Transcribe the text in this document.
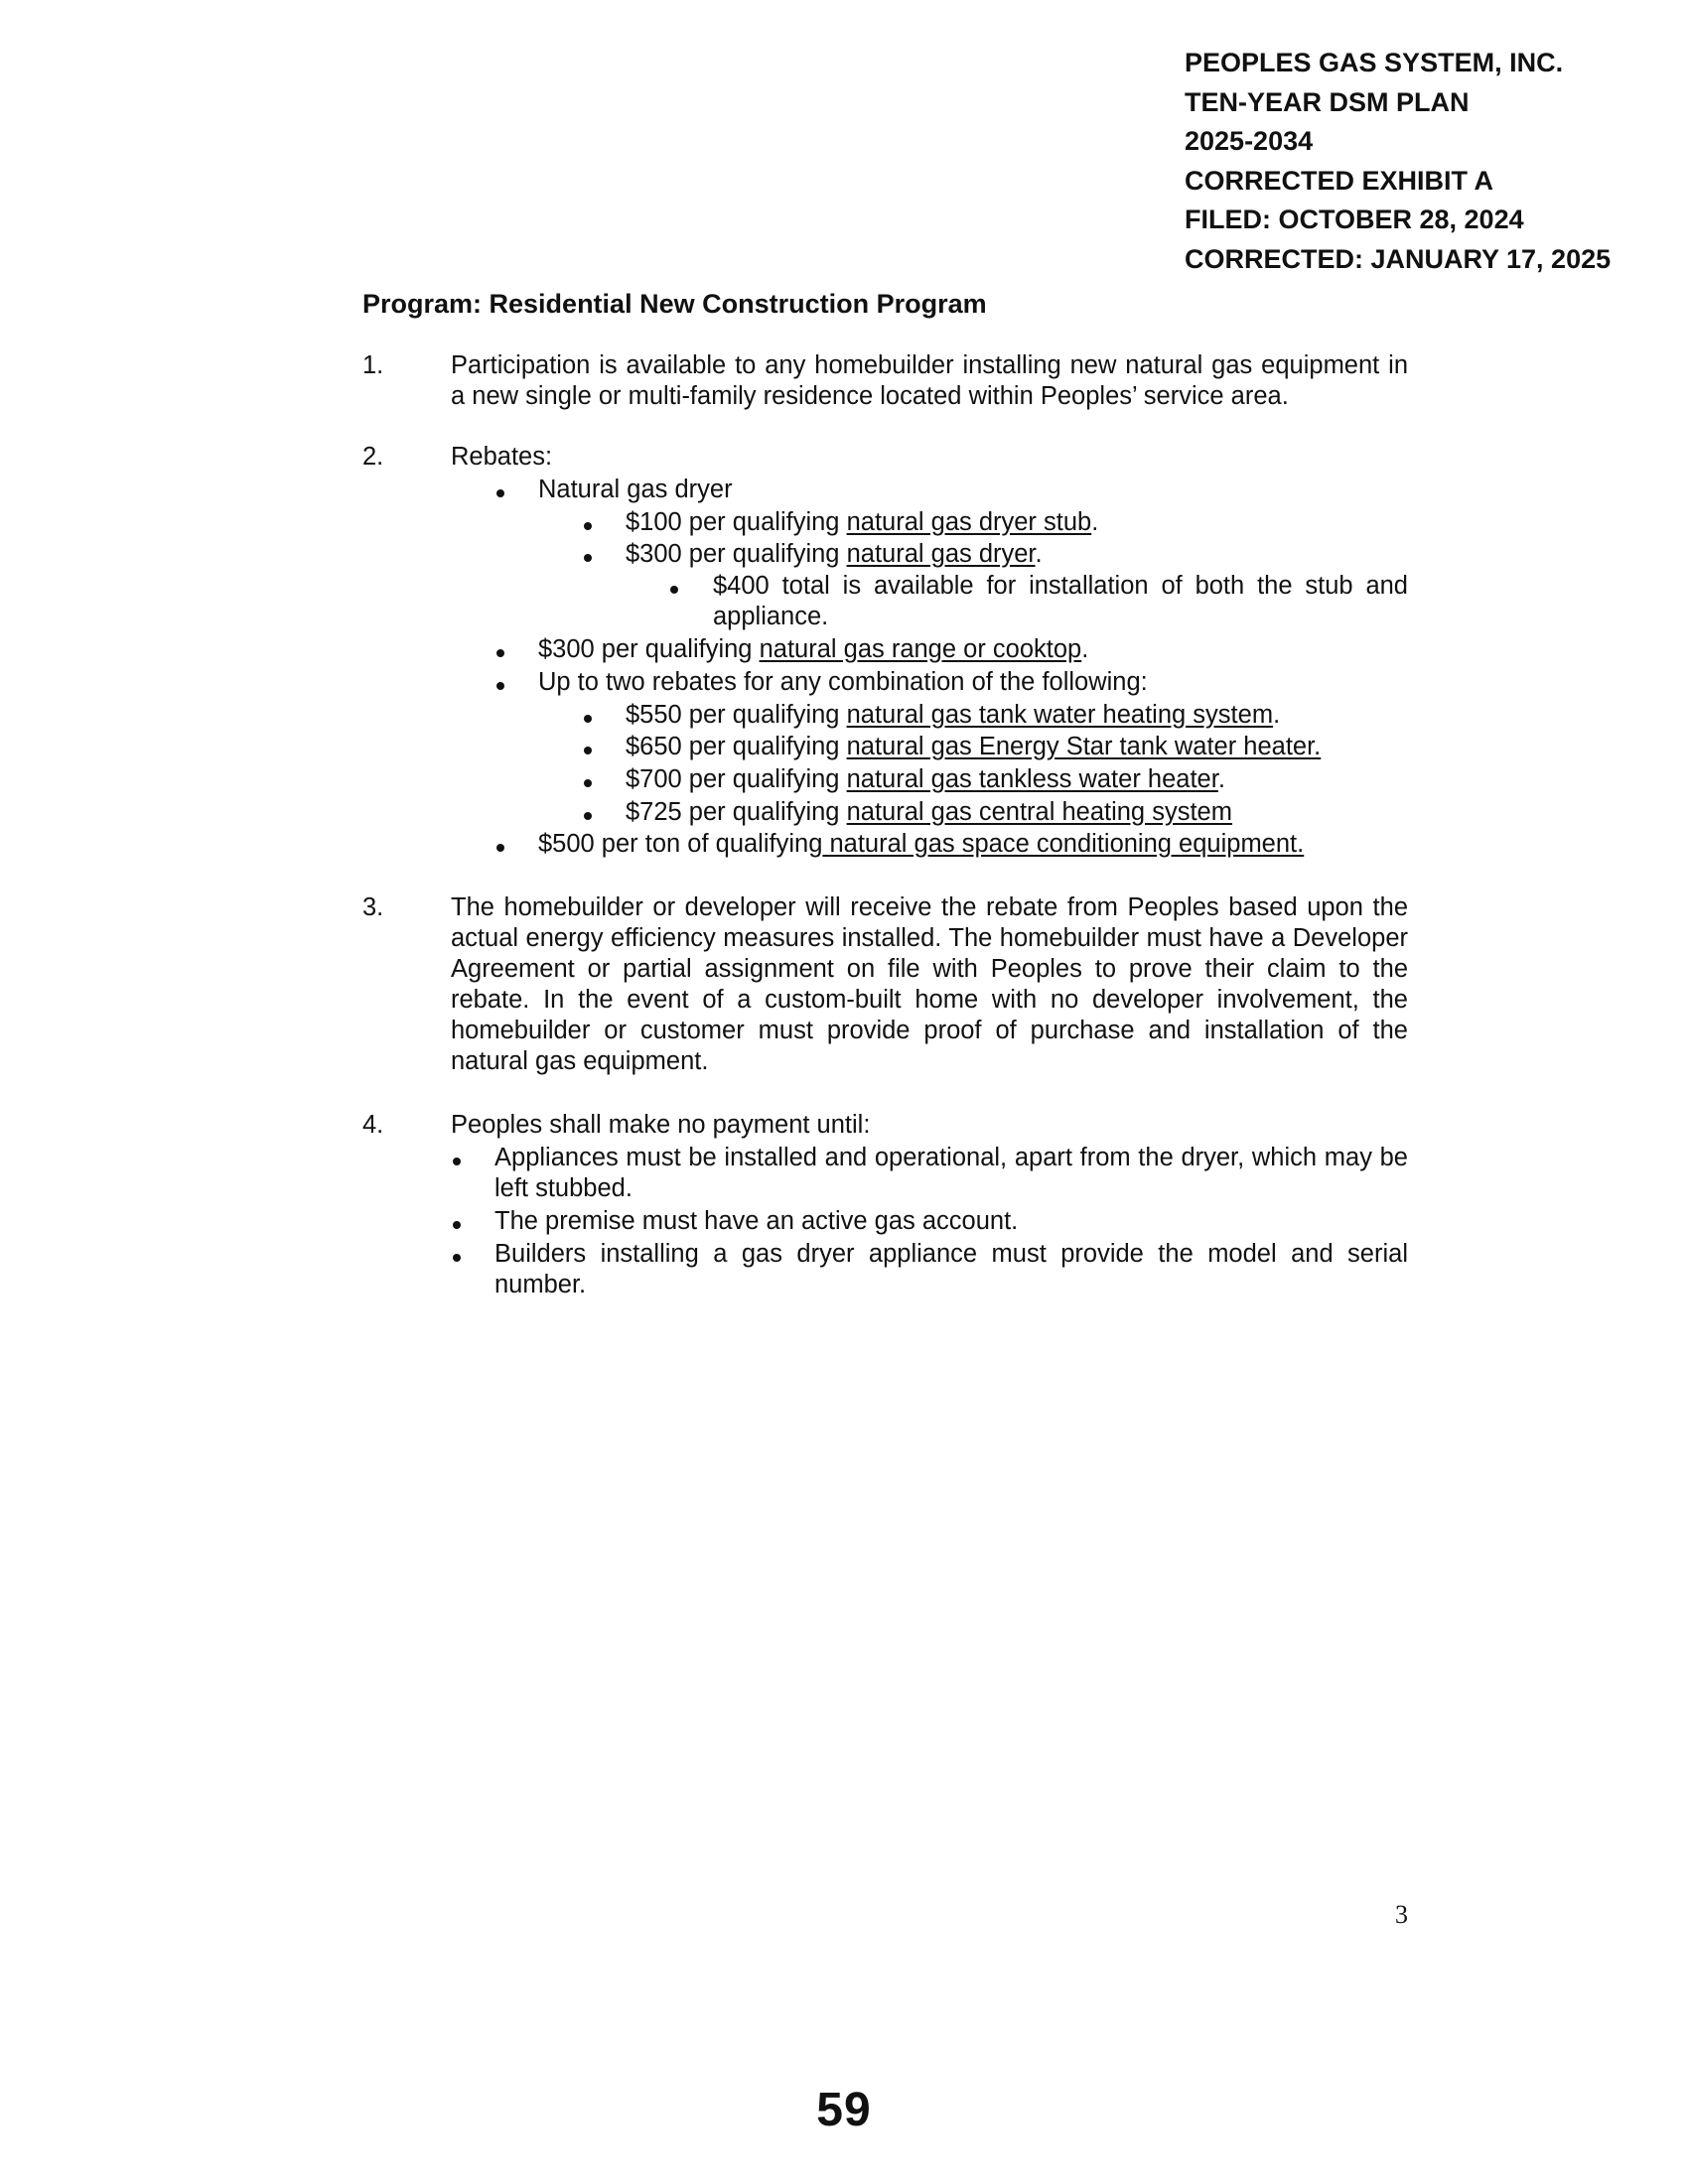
PEOPLES GAS SYSTEM, INC.
TEN-YEAR DSM PLAN
2025-2034
CORRECTED EXHIBIT A
FILED: OCTOBER 28, 2024
CORRECTED: JANUARY 17, 2025
Program: Residential New Construction Program
1.	Participation is available to any homebuilder installing new natural gas equipment in a new single or multi-family residence located within Peoples’ service area.
2.	Rebates:
Natural gas dryer
$100 per qualifying natural gas dryer stub.
$300 per qualifying natural gas dryer.
$400 total is available for installation of both the stub and appliance.
$300 per qualifying natural gas range or cooktop.
Up to two rebates for any combination of the following:
$550 per qualifying natural gas tank water heating system.
$650 per qualifying natural gas Energy Star tank water heater.
$700 per qualifying natural gas tankless water heater.
$725 per qualifying natural gas central heating system
$500 per ton of qualifying natural gas space conditioning equipment.
3.	The homebuilder or developer will receive the rebate from Peoples based upon the actual energy efficiency measures installed. The homebuilder must have a Developer Agreement or partial assignment on file with Peoples to prove their claim to the rebate. In the event of a custom-built home with no developer involvement, the homebuilder or customer must provide proof of purchase and installation of the natural gas equipment.
4.	Peoples shall make no payment until:
Appliances must be installed and operational, apart from the dryer, which may be left stubbed.
The premise must have an active gas account.
Builders installing a gas dryer appliance must provide the model and serial number.
3
59
